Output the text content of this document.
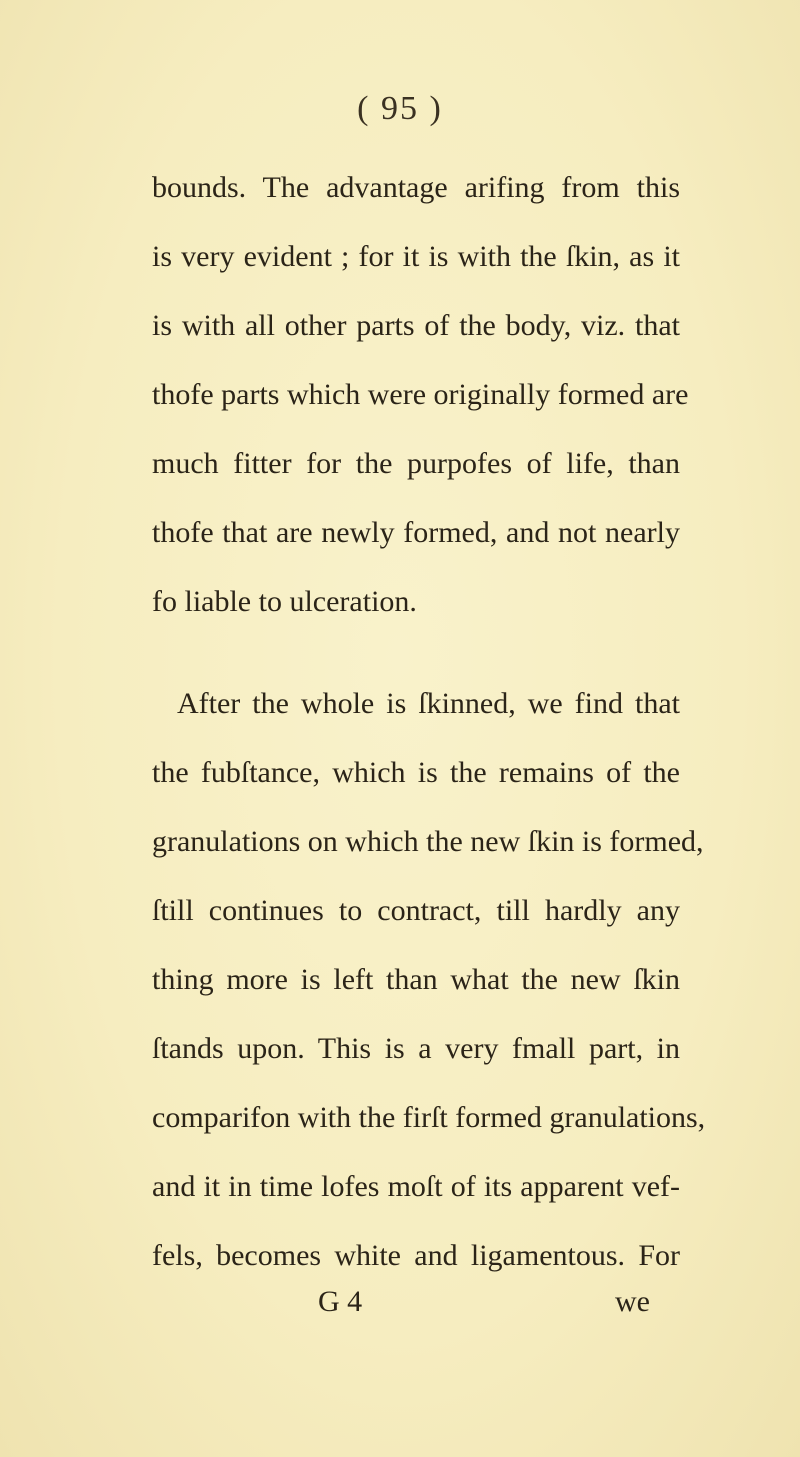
( 95 )
bounds. The advantage arifing from this
is very evident ; for it is with the ſkin, as it
is with all other parts of the body, viz. that
thofe parts which were originally formed are
much fitter for the purpofes of life, than
thofe that are newly formed, and not nearly
fo liable to ulceration.
After the whole is ſkinned, we find that
the fubſtance, which is the remains of the
granulations on which the new ſkin is formed,
ſtill continues to contract, till hardly any
thing more is left than what the new ſkin
ſtands upon. This is a very fmall part, in
comparifon with the firſt formed granulations,
and it in time lofes moſt of its apparent vef-
fels, becomes white and ligamentous. For
G 4	we
